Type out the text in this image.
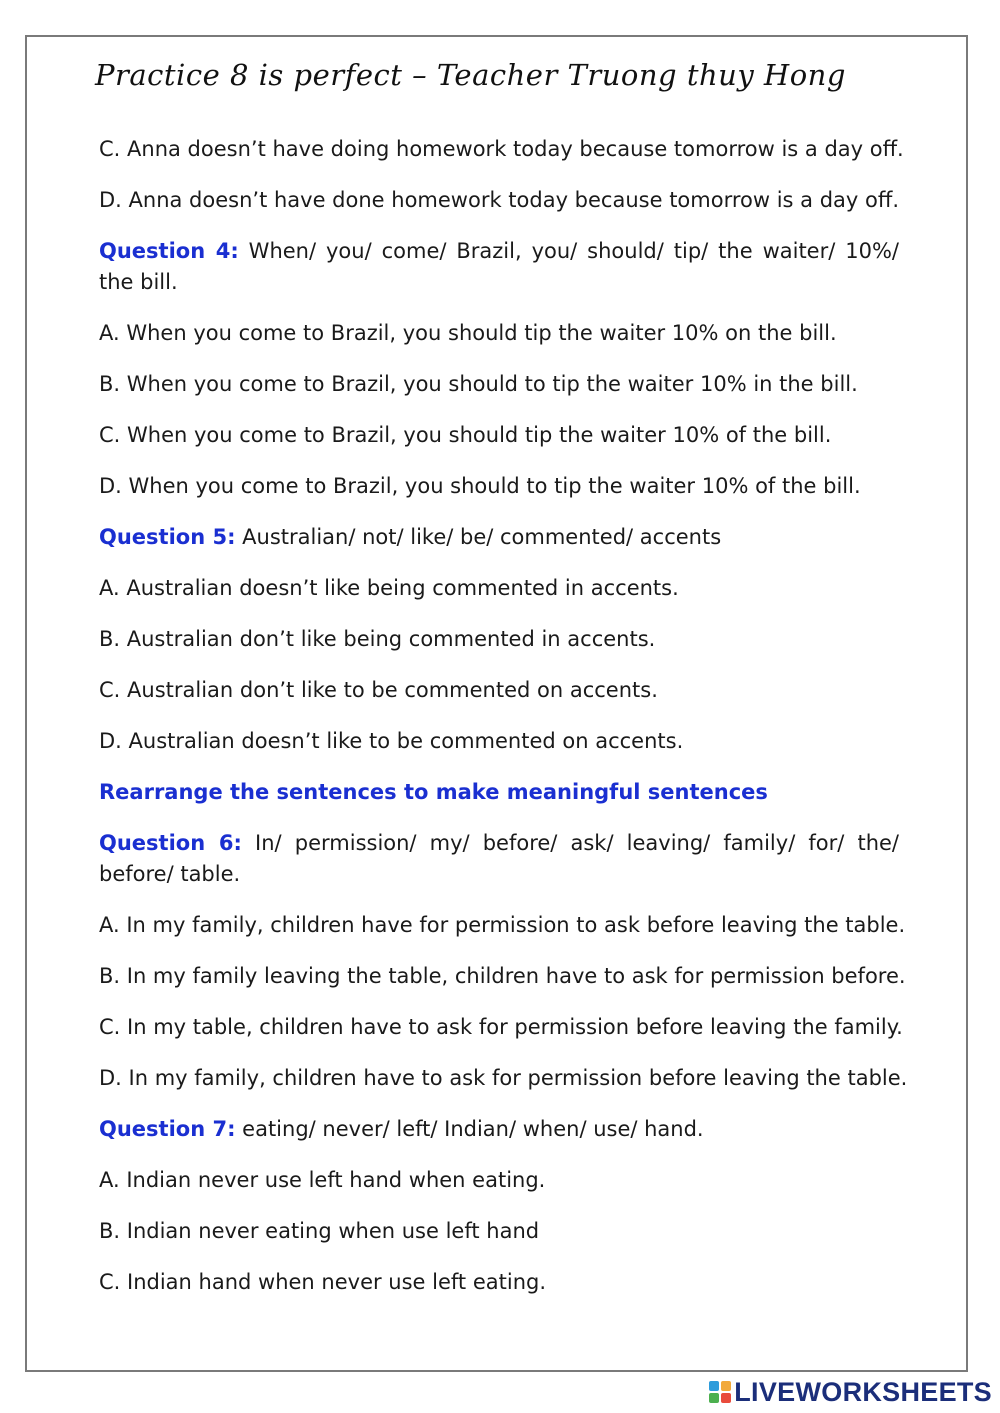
Practice 8 is perfect – Teacher Truong thuy Hong
C. Anna doesn’t have doing homework today because tomorrow is a day off.
D. Anna doesn’t have done homework today because tomorrow is a day off.
Question 4: When/ you/ come/ Brazil, you/ should/ tip/ the waiter/ 10%/ the bill.
A. When you come to Brazil, you should tip the waiter 10% on the bill.
B. When you come to Brazil, you should to tip the waiter 10% in the bill.
C. When you come to Brazil, you should tip the waiter 10% of the bill.
D. When you come to Brazil, you should to tip the waiter 10% of the bill.
Question 5: Australian/ not/ like/ be/ commented/ accents
A. Australian doesn’t like being commented in accents.
B. Australian don’t like being commented in accents.
C. Australian don’t like to be commented on accents.
D. Australian doesn’t like to be commented on accents.
Rearrange the sentences to make meaningful sentences
Question 6: In/ permission/ my/ before/ ask/ leaving/ family/ for/ the/ before/ table.
A. In my family, children have for permission to ask before leaving the table.
B. In my family leaving the table, children have to ask for permission before.
C. In my table, children have to ask for permission before leaving the family.
D. In my family, children have to ask for permission before leaving the table.
Question 7: eating/ never/ left/ Indian/ when/ use/ hand.
A. Indian never use left hand when eating.
B. Indian never eating when use left hand
C. Indian hand when never use left eating.
LIVEWORKSHEETS
